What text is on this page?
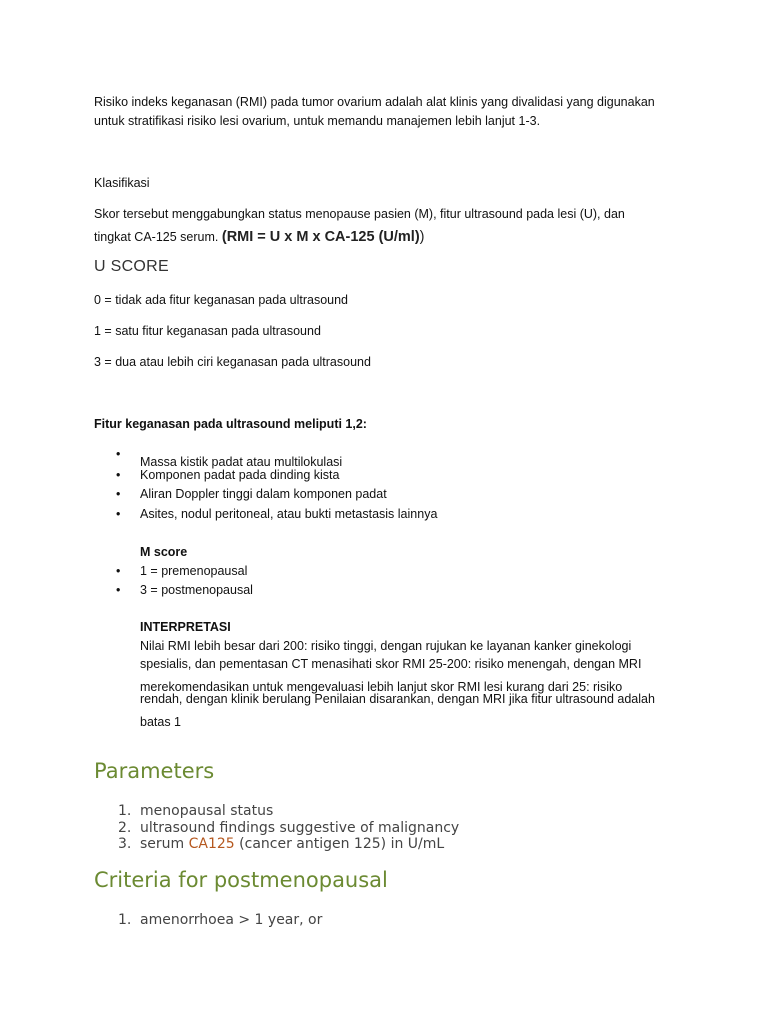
Risiko indeks keganasan (RMI) pada tumor ovarium adalah alat klinis yang divalidasi yang digunakan
untuk stratifikasi risiko lesi ovarium, untuk memandu manajemen lebih lanjut 1-3.
Klasifikasi
Skor tersebut menggabungkan status menopause pasien (M), fitur ultrasound pada lesi (U), dan
tingkat CA-125 serum. (RMI = U x M x CA-125 (U/ml))
U SCORE
0 = tidak ada fitur keganasan pada ultrasound
1 = satu fitur keganasan pada ultrasound
3 = dua atau lebih ciri keganasan pada ultrasound
Fitur keganasan pada ultrasound meliputi 1,2:
•
Massa kistik padat atau multilokulasi
• Komponen padat pada dinding kista
• Aliran Doppler tinggi dalam komponen padat
• Asites, nodul peritoneal, atau bukti metastasis lainnya
M score
• 1 = premenopausal
• 3 = postmenopausal
INTERPRETASI
Nilai RMI lebih besar dari 200: risiko tinggi, dengan rujukan ke layanan kanker ginekologi
spesialis, dan pementasan CT menasihati skor RMI 25-200: risiko menengah, dengan MRI
merekomendasikan untuk mengevaluasi lebih lanjut skor RMI lesi kurang dari 25: risiko
rendah, dengan klinik berulang Penilaian disarankan, dengan MRI jika fitur ultrasound adalah
batas 1
Parameters
1. menopausal status
2. ultrasound findings suggestive of malignancy
3. serum CA125 (cancer antigen 125) in U/mL
Criteria for postmenopausal
1. amenorrhoea > 1 year, or
